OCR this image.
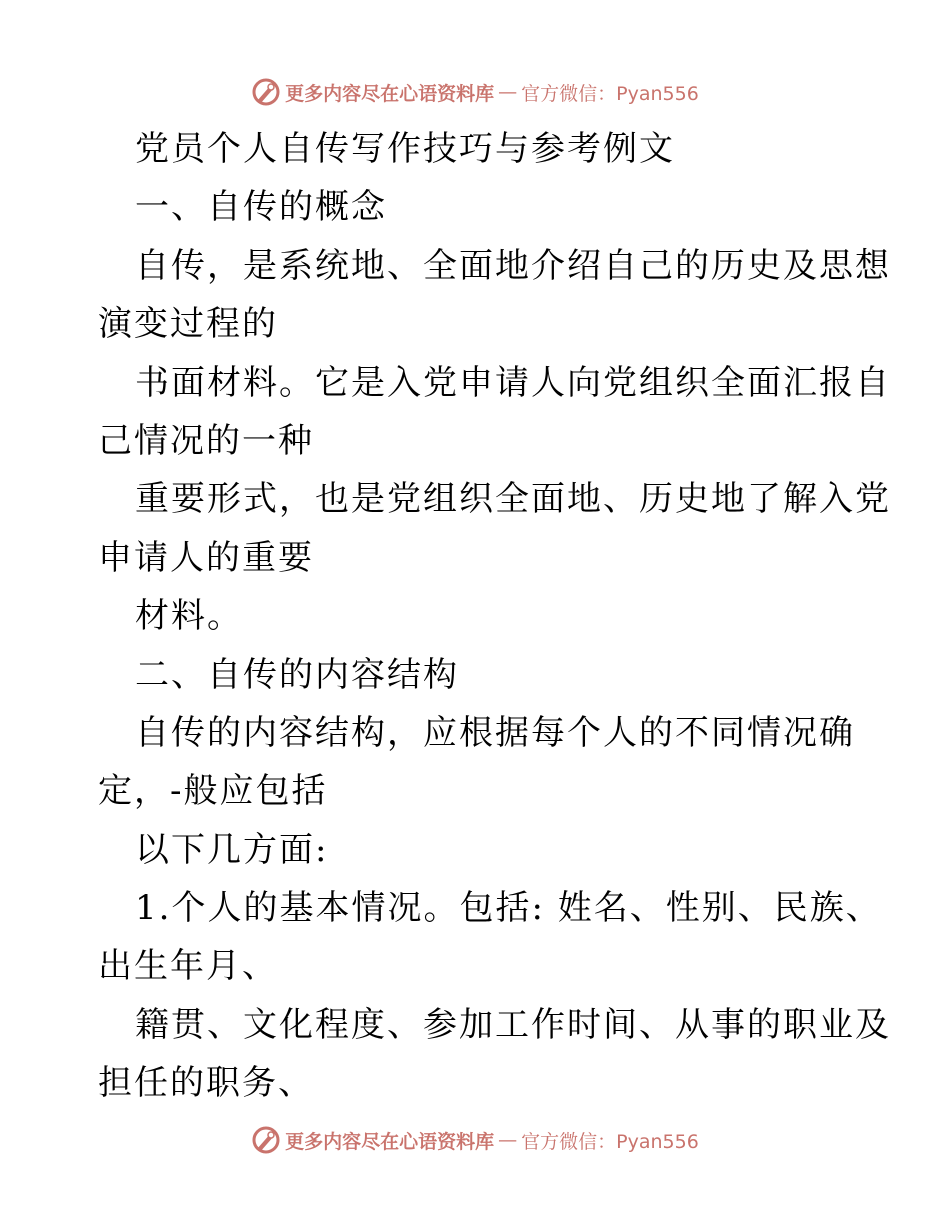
更多内容尽在心语资料库 — 官方微信：Pyan556
党员个人自传写作技巧与参考例文
一、自传的概念
自传，是系统地、全面地介绍自己的历史及思想
演变过程的
书面材料。它是入党申请人向党组织全面汇报自
己情况的一种
重要形式，也是党组织全面地、历史地了解入党
申请人的重要
材料。
二、自传的内容结构
自传的内容结构，应根据每个人的不同情况确
定，-般应包括
以下几方面:
1.个人的基本情况。包括: 姓名、性别、民族、
出生年月、
籍贯、文化程度、参加工作时间、从事的职业及
担任的职务、
更多内容尽在心语资料库 — 官方微信：Pyan556
